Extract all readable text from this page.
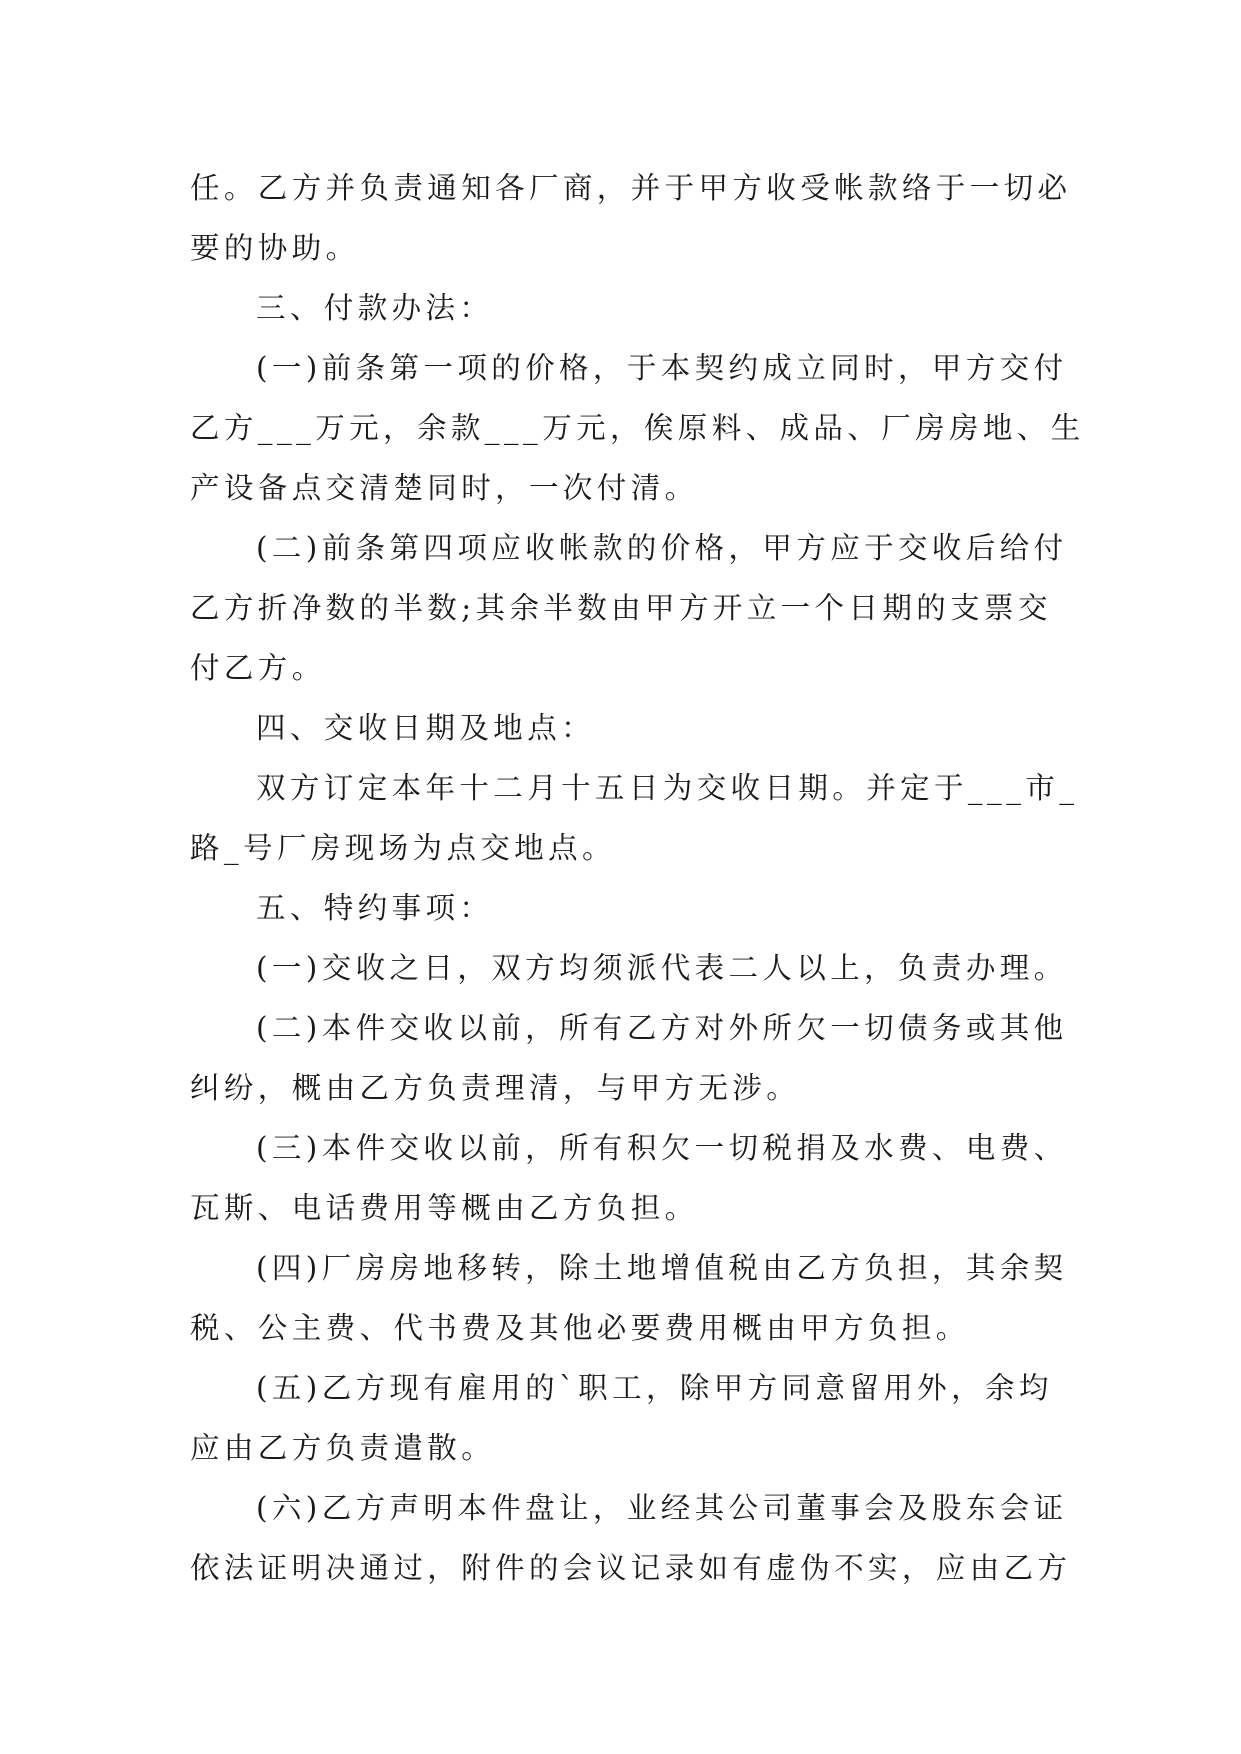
任。乙方并负责通知各厂商，并于甲方收受帐款络于一切必

要的协助。

三、付款办法：

(一)前条第一项的价格，于本契约成立同时，甲方交付

乙方___万元，余款___万元，俟原料、成品、厂房房地、生

产设备点交清楚同时，一次付清。

(二)前条第四项应收帐款的价格，甲方应于交收后给付

乙方折净数的半数;其余半数由甲方开立一个日期的支票交

付乙方。

四、交收日期及地点：

双方订定本年十二月十五日为交收日期。并定于___市_

路_号厂房现场为点交地点。

五、特约事项：

(一)交收之日，双方均须派代表二人以上，负责办理。

(二)本件交收以前，所有乙方对外所欠一切债务或其他

纠纷，概由乙方负责理清，与甲方无涉。

(三)本件交收以前，所有积欠一切税捐及水费、电费、

瓦斯、电话费用等概由乙方负担。

(四)厂房房地移转，除土地增值税由乙方负担，其余契

税、公主费、代书费及其他必要费用概由甲方负担。

(五)乙方现有雇用的`职工，除甲方同意留用外，余均

应由乙方负责遣散。

(六)乙方声明本件盘让，业经其公司董事会及股东会证

依法证明决通过，附件的会议记录如有虚伪不实，应由乙方
